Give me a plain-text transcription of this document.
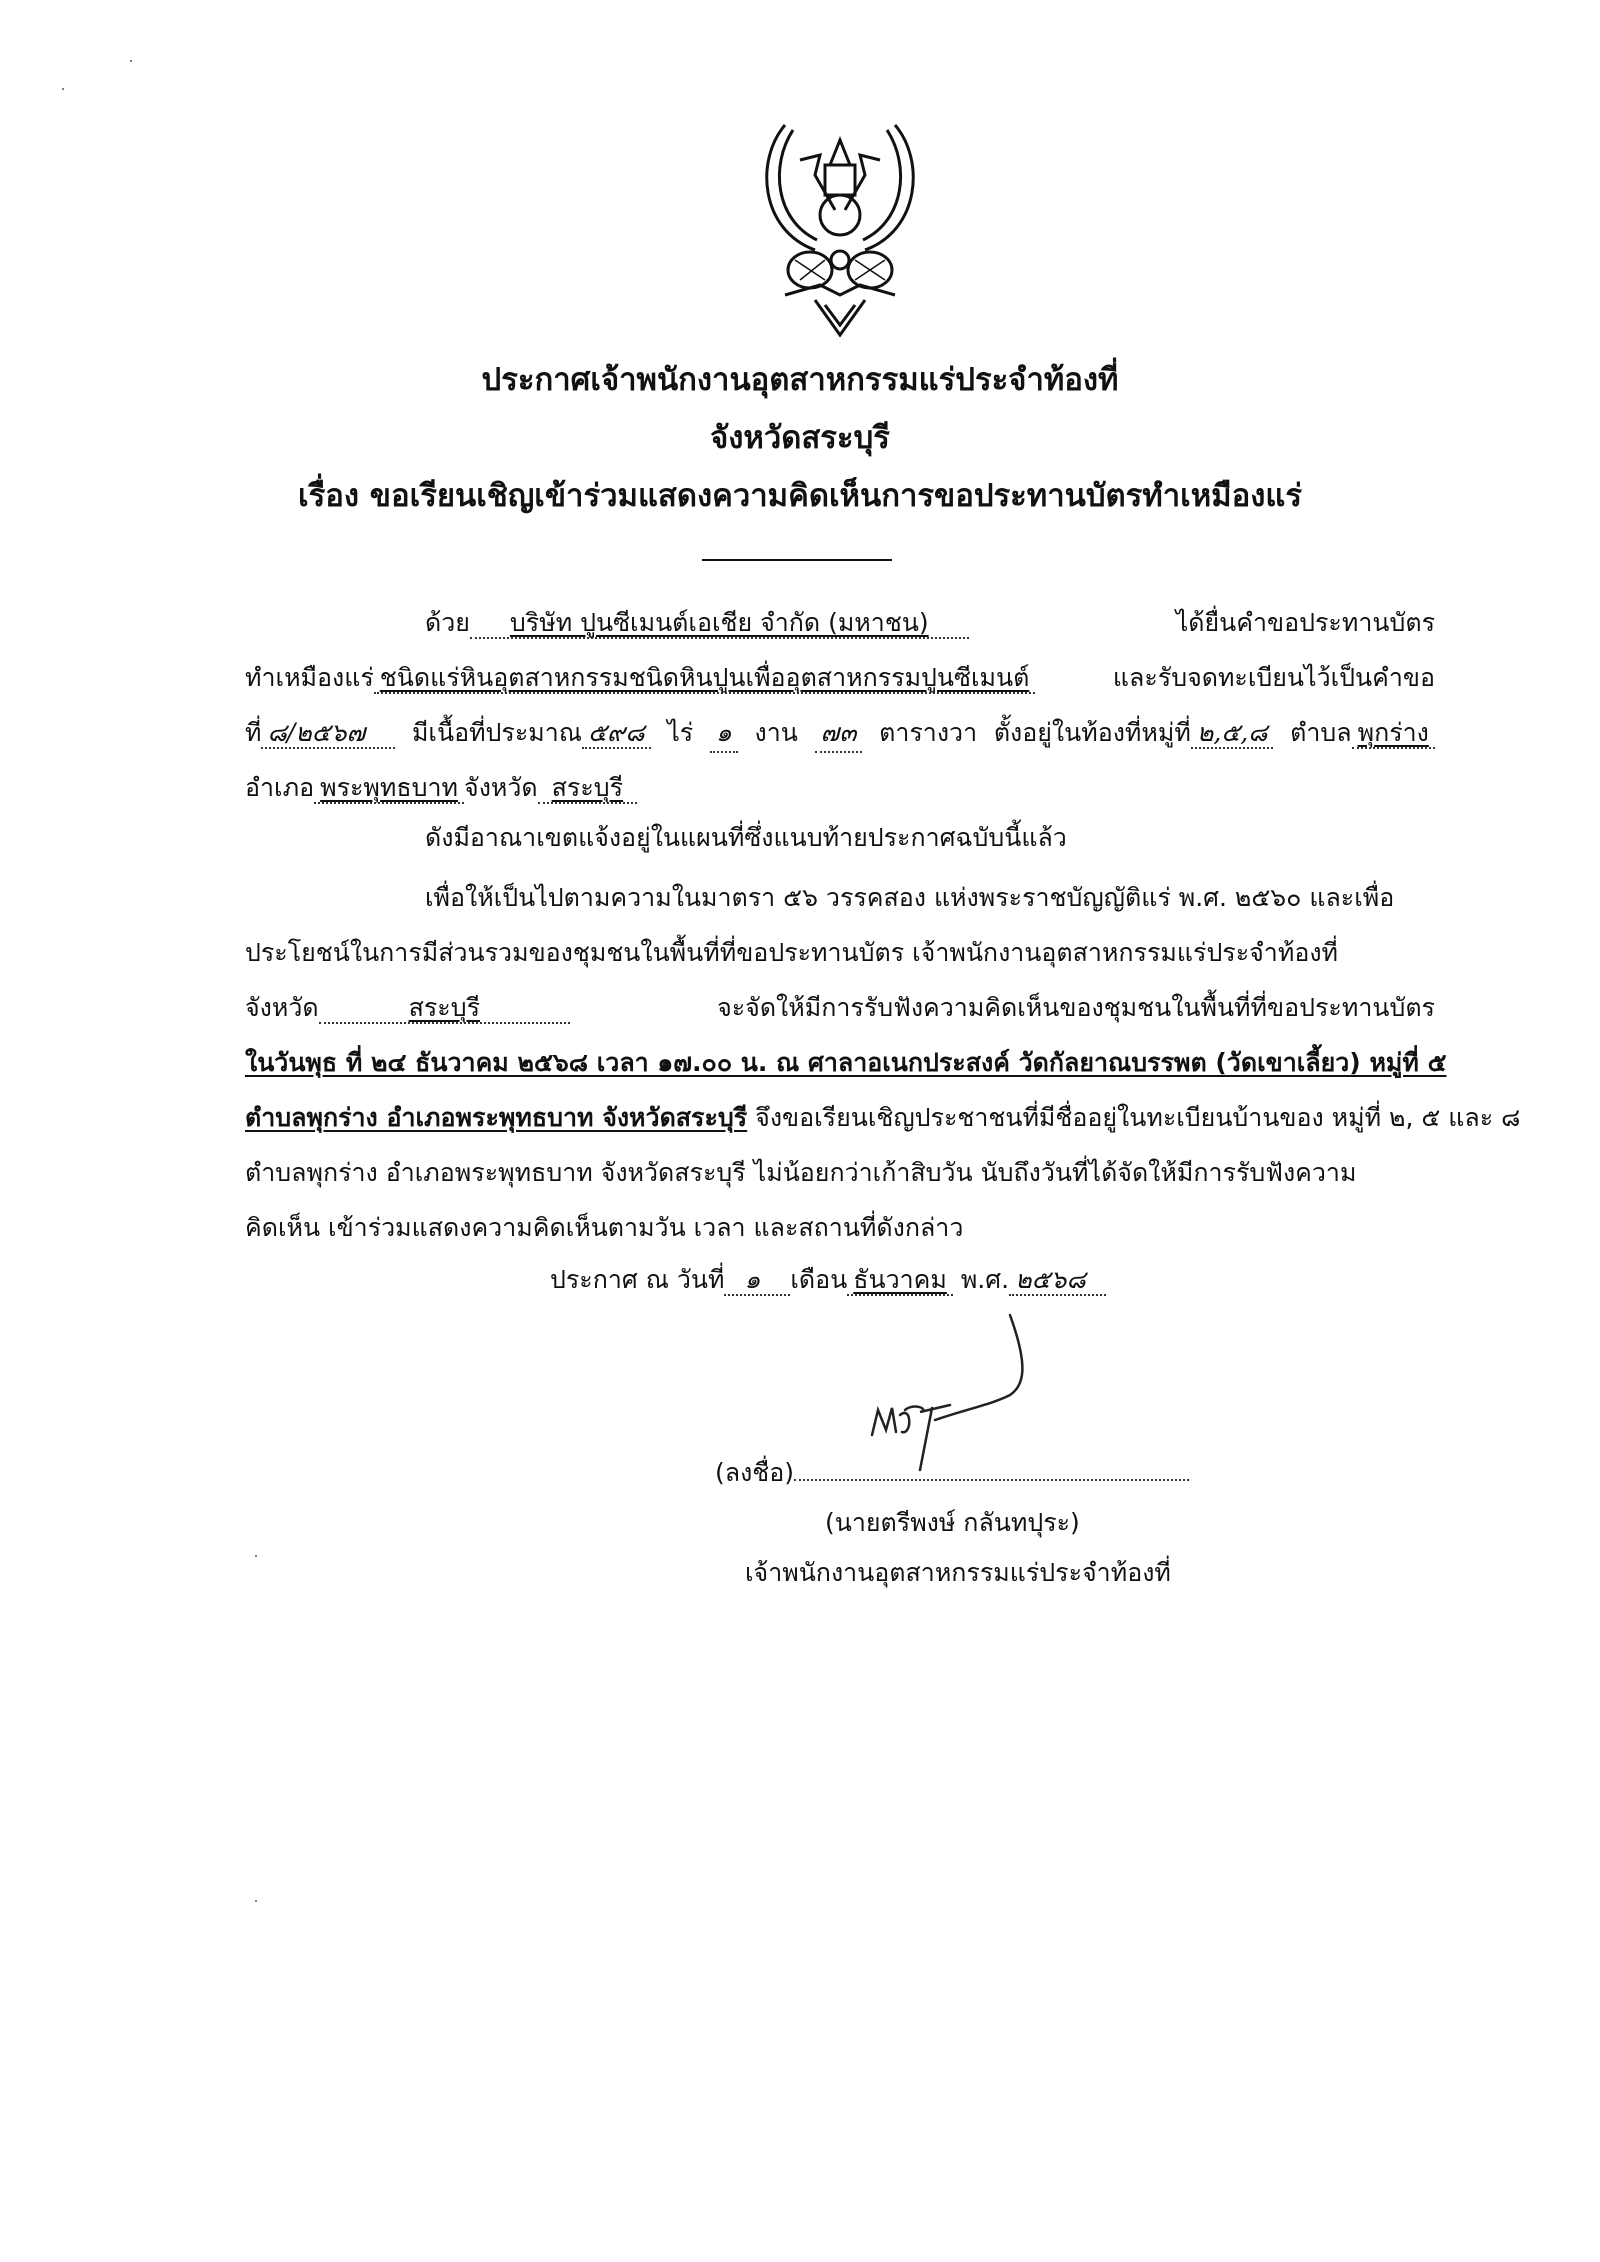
ประกาศเจ้าพนักงานอุตสาหกรรมแร่ประจำท้องที่
จังหวัดสระบุรี
เรื่อง ขอเรียนเชิญเข้าร่วมแสดงความคิดเห็นการขอประทานบัตรทำเหมืองแร่
ด้วย บริษัท ปูนซีเมนต์เอเชีย จำกัด (มหาชน)	ได้ยื่นคำขอประทานบัตร
ทำเหมืองแร่ ชนิดแร่หินอุตสาหกรรมชนิดหินปูนเพื่ออุตสาหกรรมปูนซีเมนต์	และรับจดทะเบียนไว้เป็นคำขอ
ที่ ๘/๒๕๖๗	มีเนื้อที่ประมาณ ๕๙๘ ไร่ ๑ งาน ๗๓ ตารางวา ตั้งอยู่ในท้องที่หมู่ที่ ๒,๕,๘ ตำบล พุกร่าง
อำเภอ พระพุทธบาท จังหวัด สระบุรี
ดังมีอาณาเขตแจ้งอยู่ในแผนที่ซึ่งแนบท้ายประกาศฉบับนี้แล้ว
เพื่อให้เป็นไปตามความในมาตรา ๕๖ วรรคสอง แห่งพระราชบัญญัติแร่ พ.ศ. ๒๕๖๐ และเพื่อ
ประโยชน์ในการมีส่วนรวมของชุมชนในพื้นที่ที่ขอประทานบัตร เจ้าพนักงานอุตสาหกรรมแร่ประจำท้องที่
จังหวัด	สระบุรี	จะจัดให้มีการรับฟังความคิดเห็นของชุมชนในพื้นที่ที่ขอประทานบัตร
ในวันพุธ ที่ ๒๔ ธันวาคม ๒๕๖๘ เวลา ๑๗.๐๐ น. ณ ศาลาอเนกประสงค์ วัดกัลยาณบรรพต (วัดเขาเลี้ยว) หมู่ที่ ๕
ตำบลพุกร่าง อำเภอพระพุทธบาท จังหวัดสระบุรี จึงขอเรียนเชิญประชาชนที่มีชื่ออยู่ในทะเบียนบ้านของ หมู่ที่ ๒, ๕ และ ๘
ตำบลพุกร่าง อำเภอพระพุทธบาท จังหวัดสระบุรี ไม่น้อยกว่าเก้าสิบวัน นับถึงวันที่ได้จัดให้มีการรับฟังความ
คิดเห็น เข้าร่วมแสดงความคิดเห็นตามวัน เวลา และสถานที่ดังกล่าว
ประกาศ ณ วันที่ ๑ เดือน ธันวาคม พ.ศ. ๒๕๖๘
(ลงชื่อ)
(นายตรีพงษ์ กลันทปุระ)
เจ้าพนักงานอุตสาหกรรมแร่ประจำท้องที่
